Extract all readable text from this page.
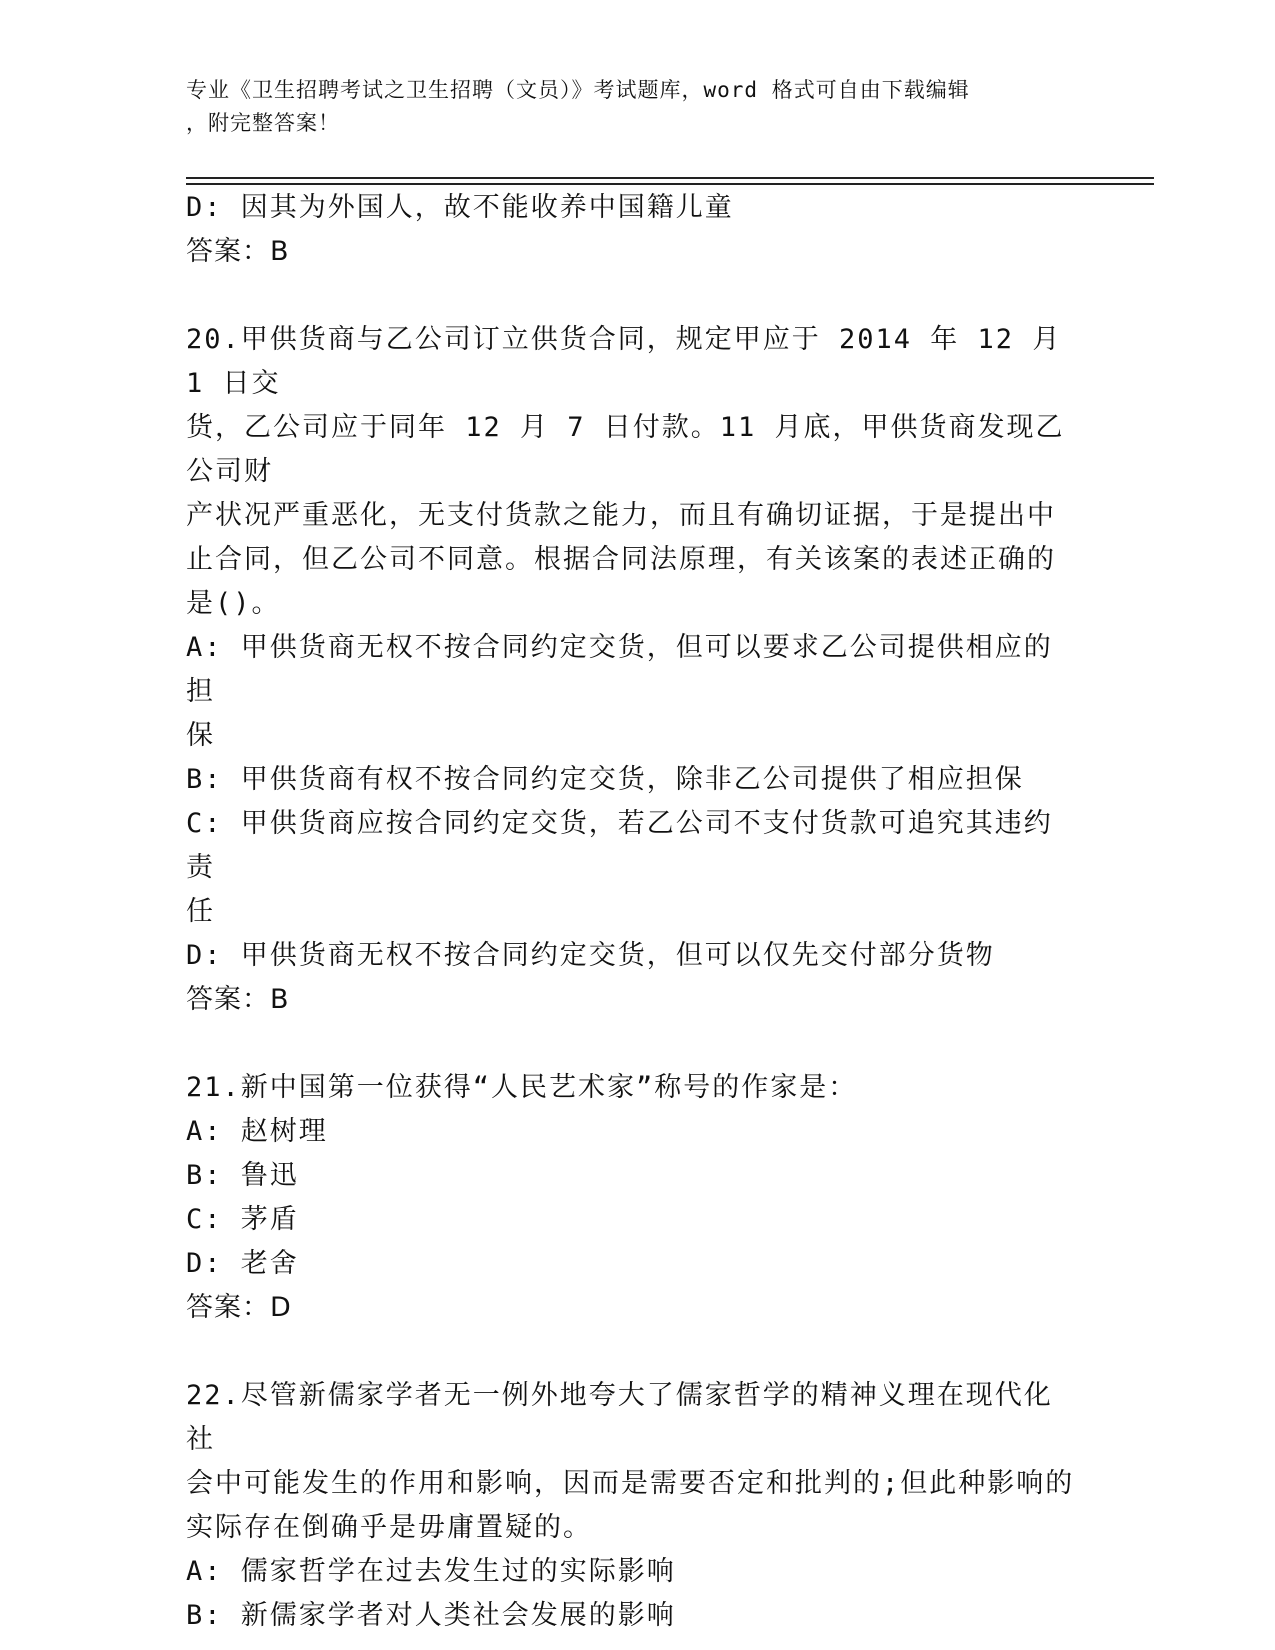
专业《卫生招聘考试之卫生招聘（文员）》考试题库，word 格式可自由下载编辑
，附完整答案！
D: 因其为外国人，故不能收养中国籍儿童
答案：B
20.甲供货商与乙公司订立供货合同，规定甲应于 2014 年 12 月 1 日交
货，乙公司应于同年 12 月 7 日付款。11 月底，甲供货商发现乙公司财
产状况严重恶化，无支付货款之能力，而且有确切证据，于是提出中
止合同，但乙公司不同意。根据合同法原理，有关该案的表述正确的
是()。
A: 甲供货商无权不按合同约定交货，但可以要求乙公司提供相应的担
保
B: 甲供货商有权不按合同约定交货，除非乙公司提供了相应担保
C: 甲供货商应按合同约定交货，若乙公司不支付货款可追究其违约责
任
D: 甲供货商无权不按合同约定交货，但可以仅先交付部分货物
答案：B
21.新中国第一位获得“人民艺术家”称号的作家是：
A: 赵树理
B: 鲁迅
C: 茅盾
D: 老舍
答案：D
22.尽管新儒家学者无一例外地夸大了儒家哲学的精神义理在现代化社
会中可能发生的作用和影响，因而是需要否定和批判的;但此种影响的
实际存在倒确乎是毋庸置疑的。
A: 儒家哲学在过去发生过的实际影响
B: 新儒家学者对人类社会发展的影响
